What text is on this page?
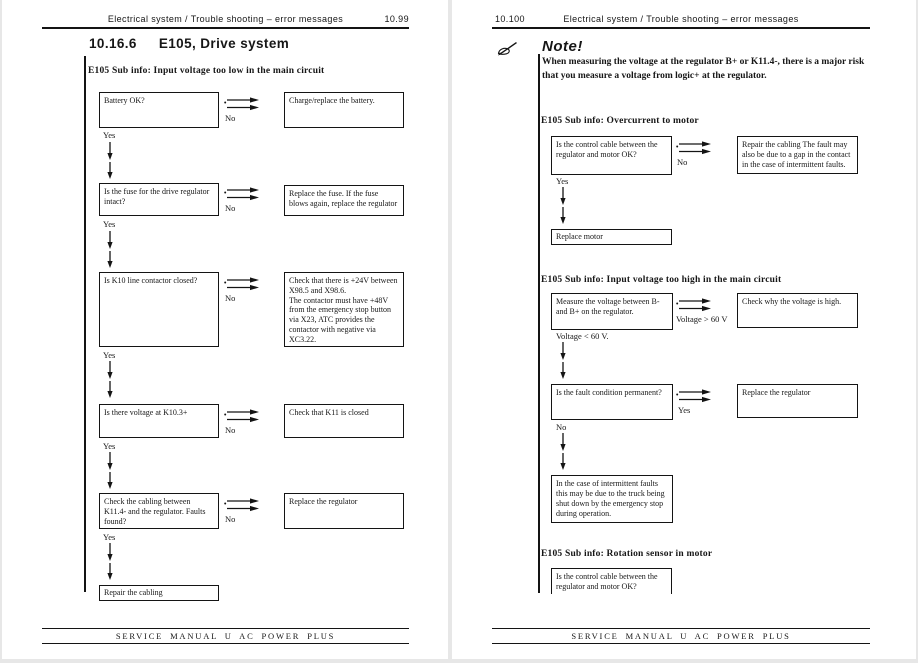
Electrical system / Trouble shooting – error messages	10.99
10.16.6 E105, Drive system
E105 Sub info: Input voltage too low in the main circuit
Battery OK?
No
Charge/replace the battery.
Yes
Is the fuse for the drive regulator intact?
No
Replace the fuse. If the fuse blows again, replace the regulator
Yes
Is K10 line contactor closed?
No
Check that there is +24V between X98.5 and X98.6.
The contactor must have +48V from the emergency stop button via X23, ATC provides the contactor with negative via XC3.22.
Yes
Is there voltage at K10.3+
No
Check that K11 is closed
Yes
Check the cabling between K11.4- and the regulator. Faults found?	No
Replace the regulator
Yes
Repair the cabling
SERVICE MANUAL U AC POWER PLUS
10.100	Electrical system / Trouble shooting – error messages
Note!
When measuring the voltage at the regulator B+ or K11.4-, there is a major risk that you measure a voltage from logic+ at the regulator.
E105 Sub info: Overcurrent to motor
Is the control cable between the regulator and motor OK?
No
Repair the cabling The fault may also be due to a gap in the contact in the case of intermittent faults.
Yes
Replace motor
E105 Sub info: Input voltage too high in the main circuit
Measure the voltage between B- and B+ on the regulator.
Voltage > 60 V
Check why the voltage is high.
Voltage < 60 V.
Is the fault condition permanent?
Yes
Replace the regulator
No
In the case of intermittent faults this may be due to the truck being shut down by the emergency stop during operation.
E105 Sub info: Rotation sensor in motor
Is the control cable between the regulator and motor OK?
SERVICE MANUAL U AC POWER PLUS
